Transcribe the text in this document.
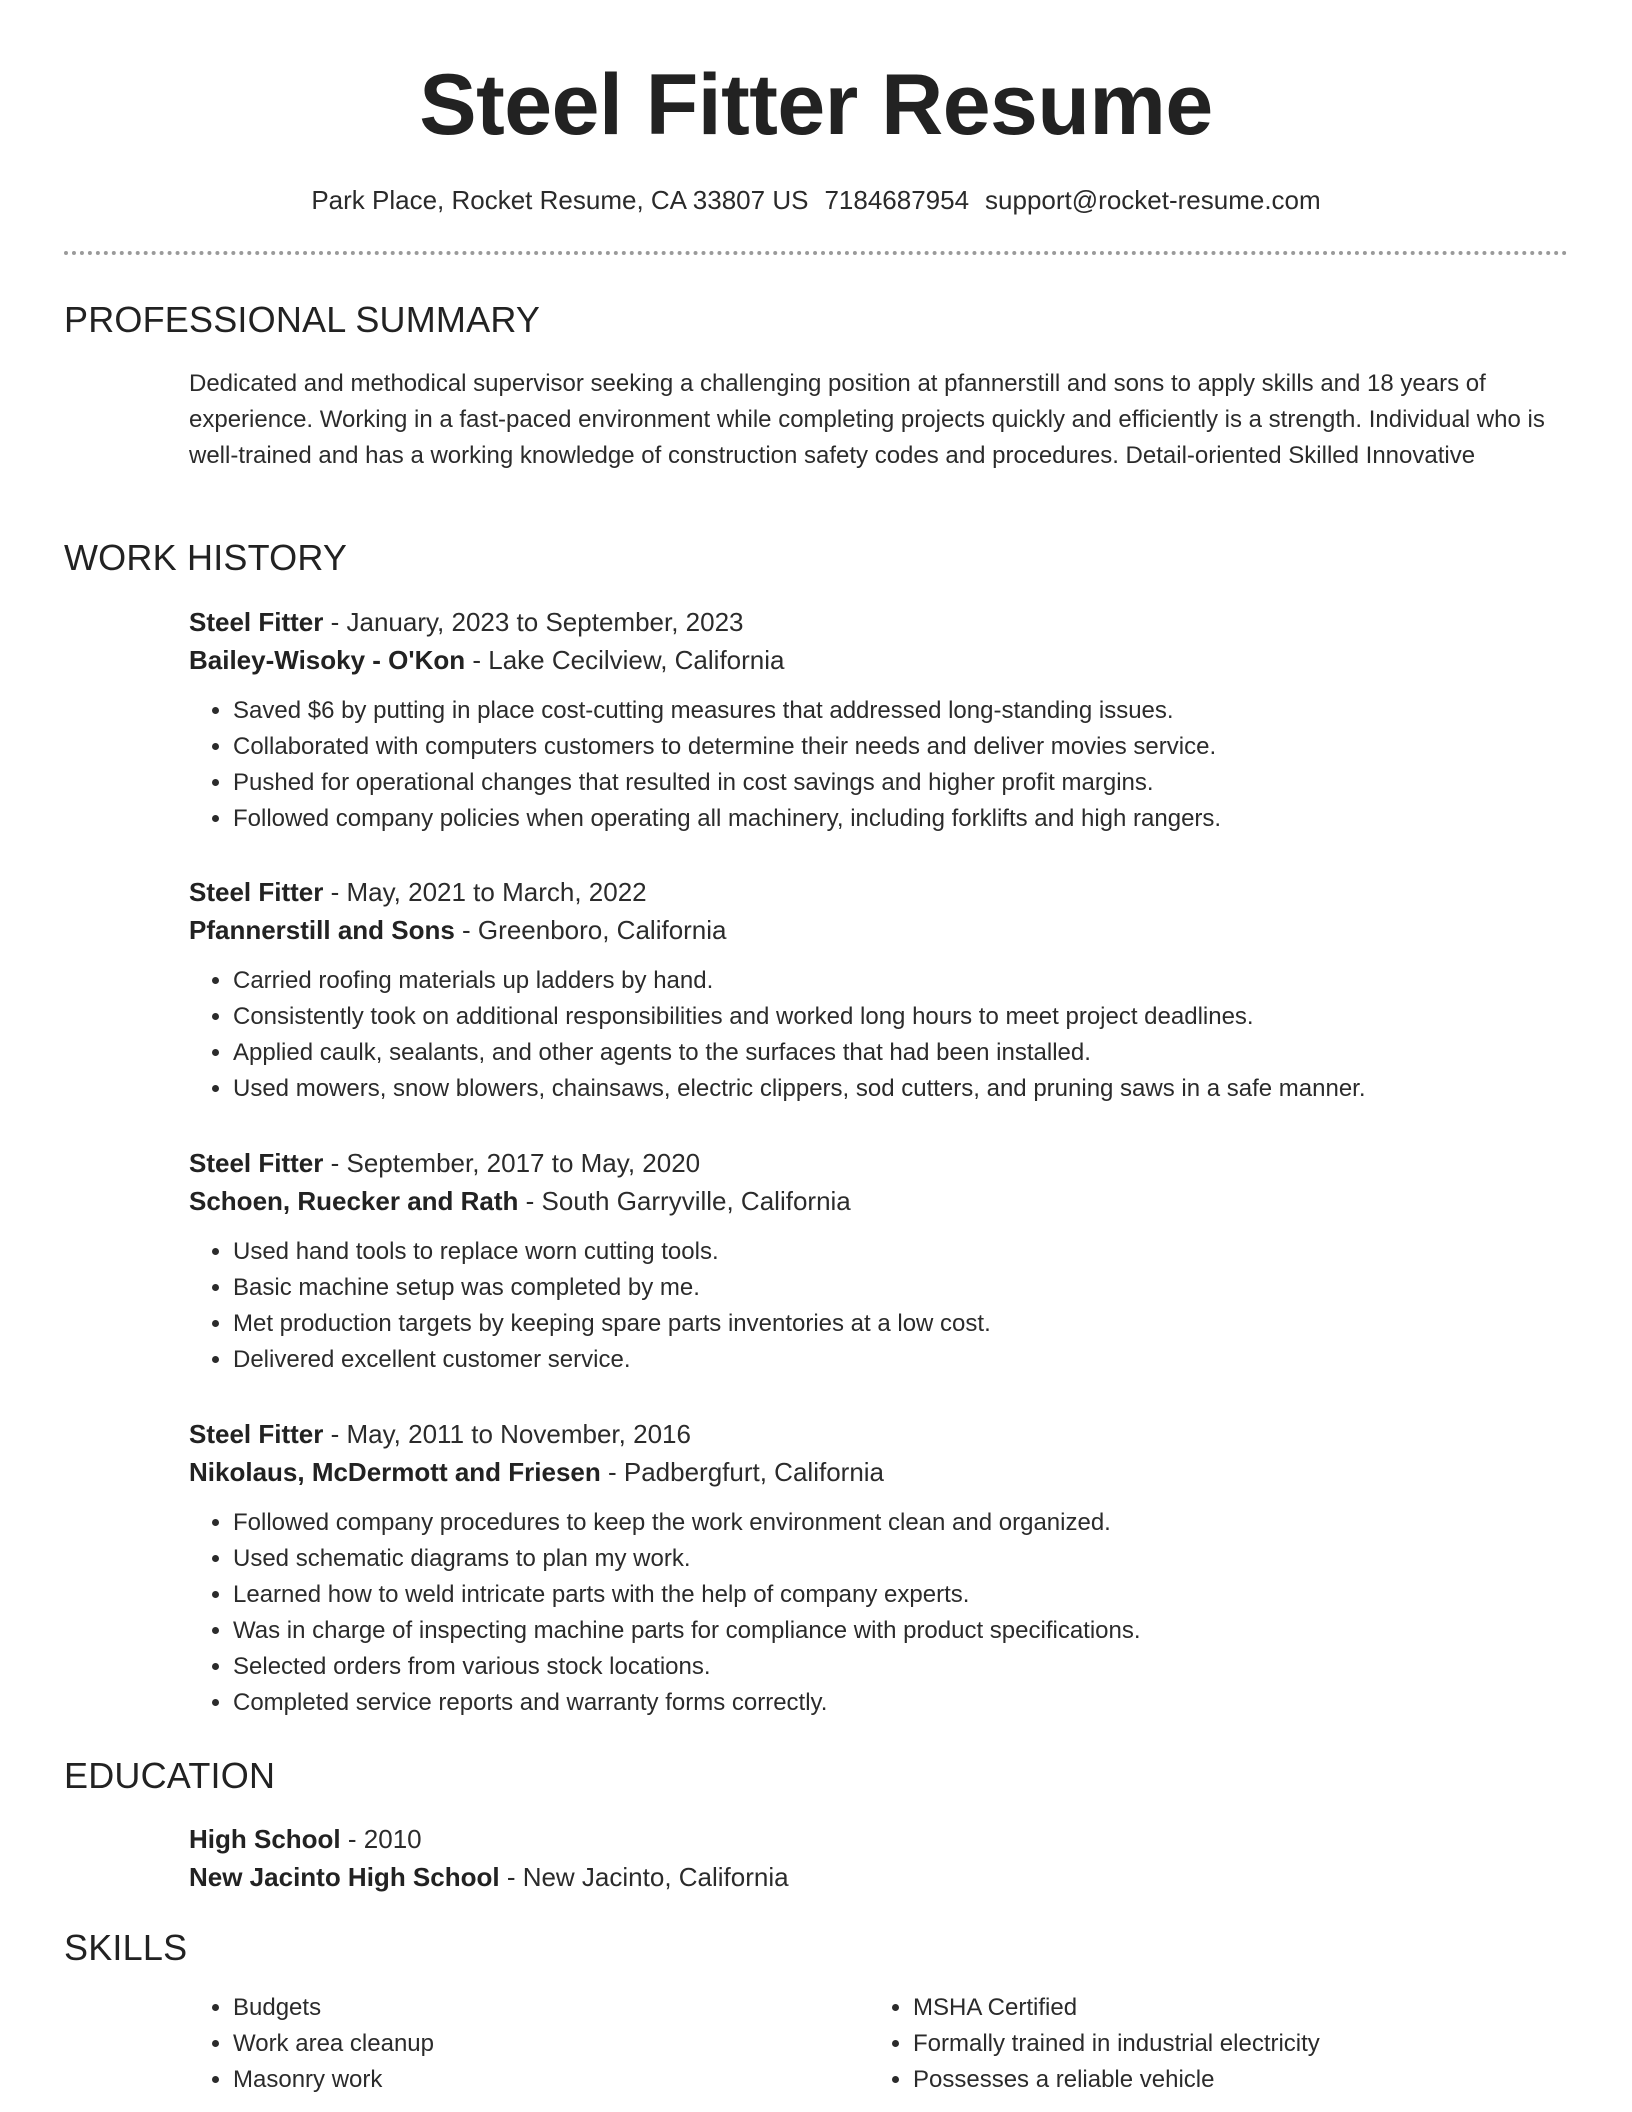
Steel Fitter Resume
Park Place, Rocket Resume, CA 33807 US 7184687954 support@rocket-resume.com
PROFESSIONAL SUMMARY

Dedicated and methodical supervisor seeking a challenging position at pfannerstill and sons to apply skills and 18 years of experience. Working in a fast-paced environment while completing projects quickly and efficiently is a strength. Individual who is well-trained and has a working knowledge of construction safety codes and procedures. Detail-oriented Skilled Innovative

WORK HISTORY
Steel Fitter - January, 2023 to September, 2023
Bailey-Wisoky - O'Kon - Lake Cecilview, California
• Saved $6 by putting in place cost-cutting measures that addressed long-standing issues.
• Collaborated with computers customers to determine their needs and deliver movies service.
• Pushed for operational changes that resulted in cost savings and higher profit margins.
• Followed company policies when operating all machinery, including forklifts and high rangers.
Steel Fitter - May, 2021 to March, 2022
Pfannerstill and Sons - Greenboro, California
• Carried roofing materials up ladders by hand.
• Consistently took on additional responsibilities and worked long hours to meet project deadlines.
• Applied caulk, sealants, and other agents to the surfaces that had been installed.
• Used mowers, snow blowers, chainsaws, electric clippers, sod cutters, and pruning saws in a safe manner.
Steel Fitter - September, 2017 to May, 2020
Schoen, Ruecker and Rath - South Garryville, California
• Used hand tools to replace worn cutting tools.
• Basic machine setup was completed by me.
• Met production targets by keeping spare parts inventories at a low cost.
• Delivered excellent customer service.
Steel Fitter - May, 2011 to November, 2016
Nikolaus, McDermott and Friesen - Padbergfurt, California
• Followed company procedures to keep the work environment clean and organized.
• Used schematic diagrams to plan my work.
• Learned how to weld intricate parts with the help of company experts.
• Was in charge of inspecting machine parts for compliance with product specifications.
• Selected orders from various stock locations.
• Completed service reports and warranty forms correctly.
EDUCATION
High School - 2010
New Jacinto High School - New Jacinto, California
SKILLS
• Budgets
• Work area cleanup
• Masonry work
• MSHA Certified
• Formally trained in industrial electricity
• Possesses a reliable vehicle
